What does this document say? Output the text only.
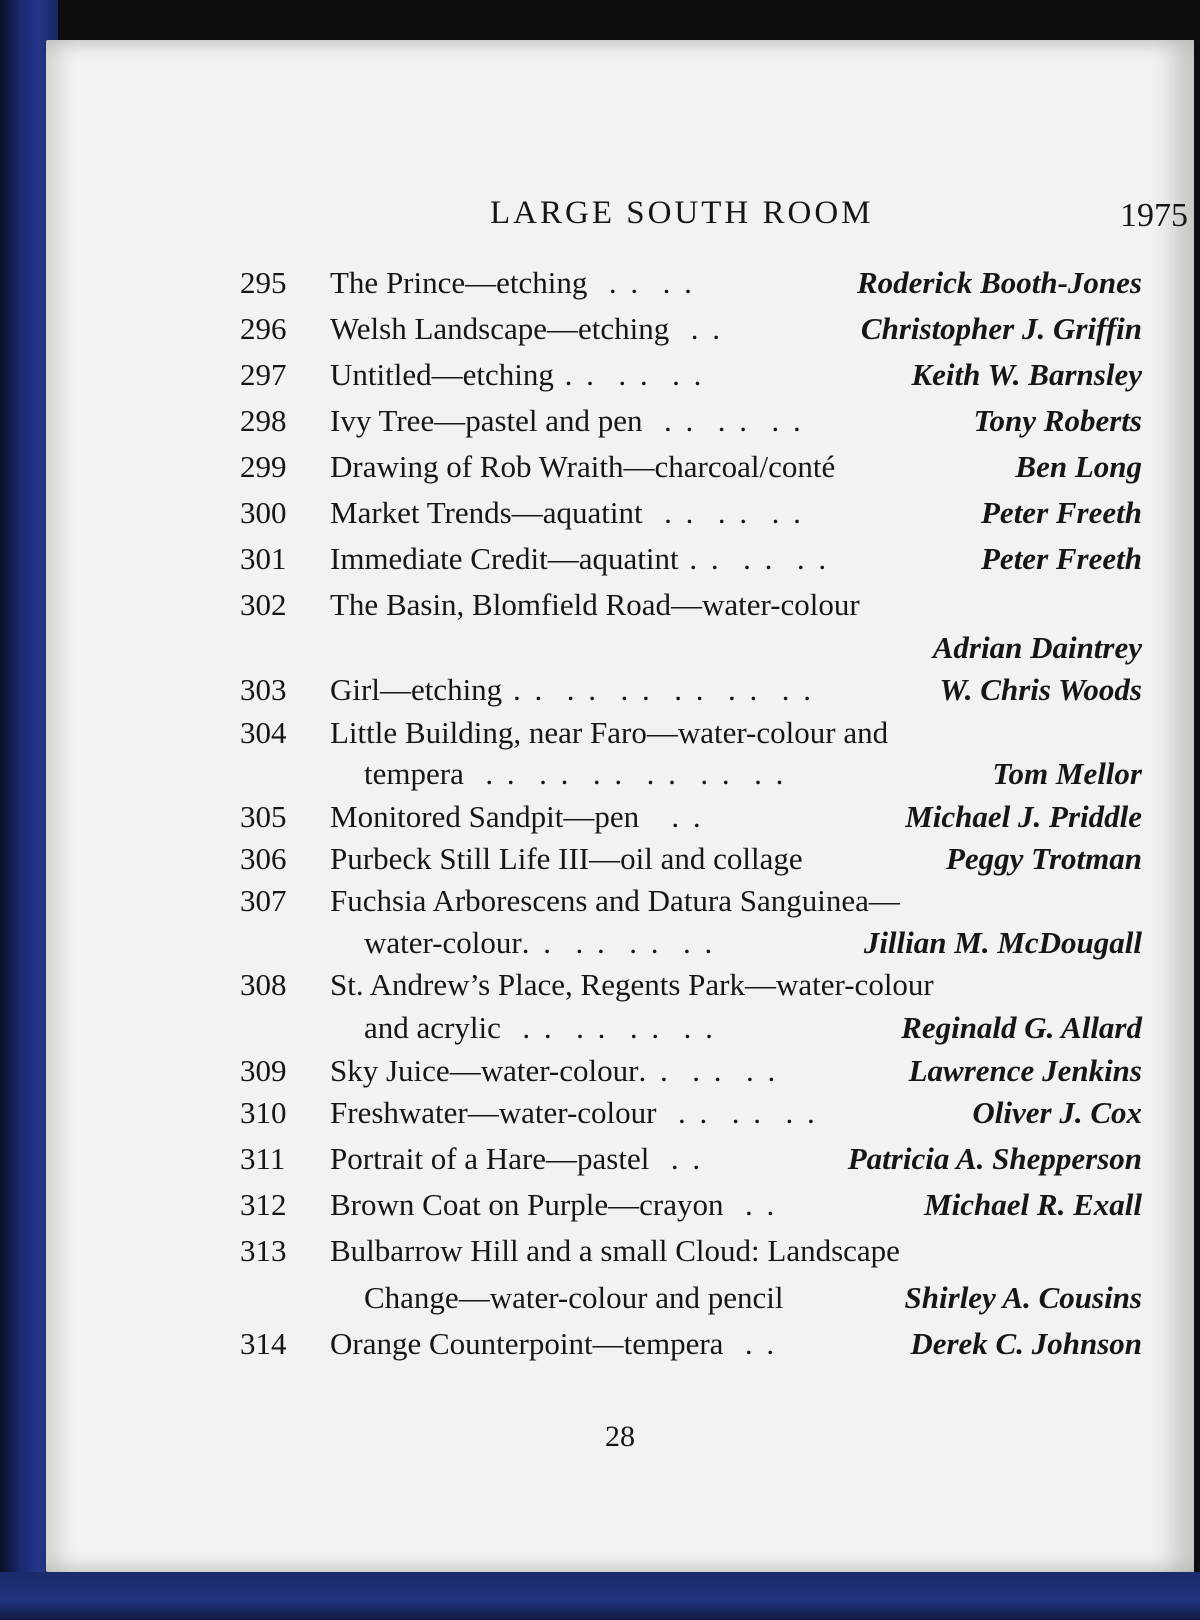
LARGE SOUTH ROOM	1975
295 The Prince—etching  . .  . .	Roderick Booth-Jones
296 Welsh Landscape—etching  . .	Christopher J. Griffin
297 Untitled—etching . .  . .  . .	Keith W. Barnsley
298 Ivy Tree—pastel and pen  . .  . .  . .	Tony Roberts
299 Drawing of Rob Wraith—charcoal/conté	Ben Long
300 Market Trends—aquatint  . .  . .  . .	Peter Freeth
301 Immediate Credit—aquatint . .  . .  . .	Peter Freeth
302 The Basin, Blomfield Road—water-colour
Adrian Daintrey
303 Girl—etching . .  . .  . .  . .  . .  . .	W. Chris Woods
304 Little Building, near Faro—water-colour and
tempera  . .  . .  . .  . .  . .  . .	Tom Mellor
305 Monitored Sandpit—pen   . .	Michael J. Priddle
306 Purbeck Still Life III—oil and collage	Peggy Trotman
307 Fuchsia Arborescens and Datura Sanguinea—
water-colour. .  . .  . .  . .	Jillian M. McDougall
308 St. Andrew’s Place, Regents Park—water-colour
and acrylic  . .  . .  . .  . .	Reginald G. Allard
309 Sky Juice—water-colour. .  . .  . .	Lawrence Jenkins
310 Freshwater—water-colour  . .  . .  . .	Oliver J. Cox
311 Portrait of a Hare—pastel  . .	Patricia A. Shepperson
312 Brown Coat on Purple—crayon  . .	Michael R. Exall
313 Bulbarrow Hill and a small Cloud: Landscape
Change—water-colour and pencil	Shirley A. Cousins
314 Orange Counterpoint—tempera  . .	Derek C. Johnson
28
